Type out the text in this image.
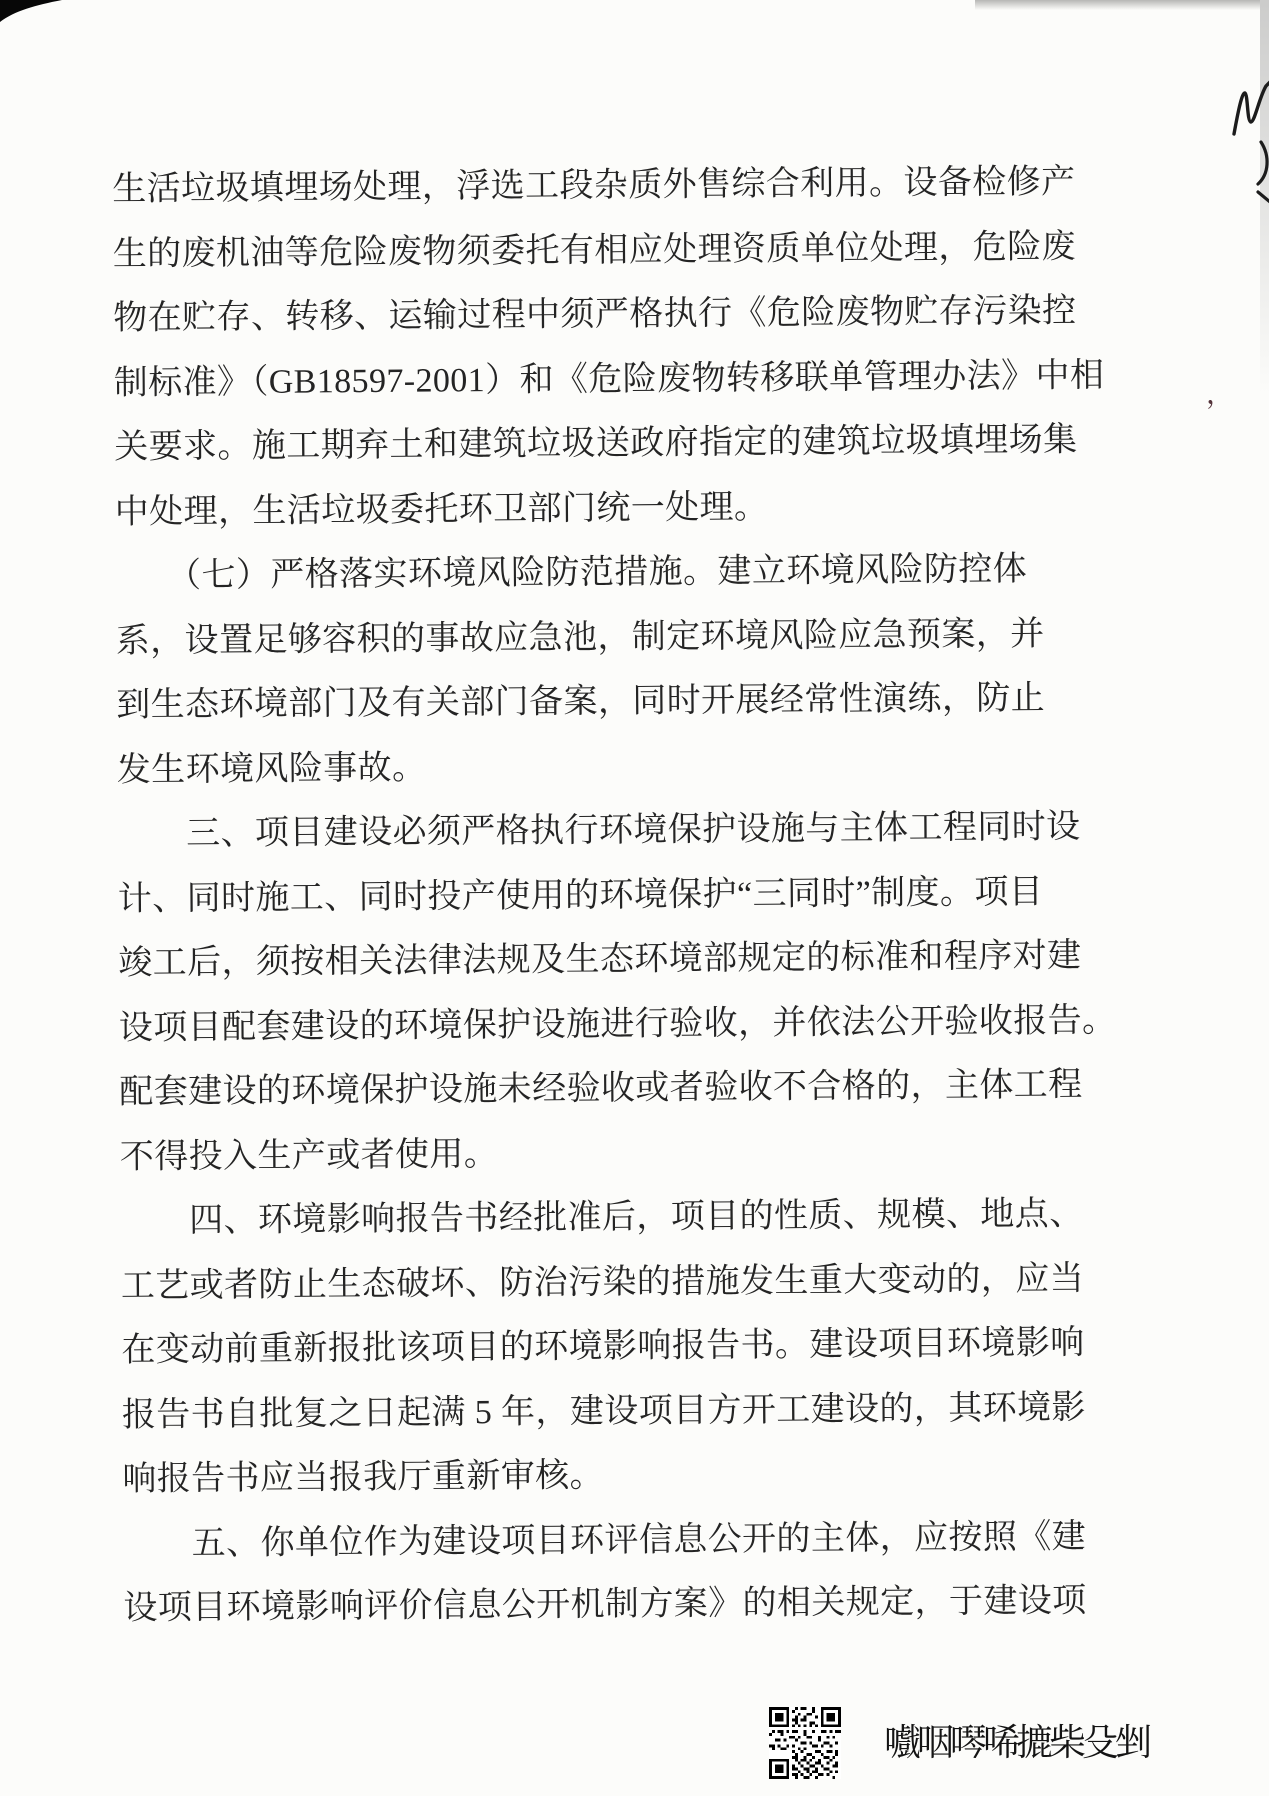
，
生活垃圾填埋场处理，浮选工段杂质外售综合利用。设备检修产
生的废机油等危险废物须委托有相应处理资质单位处理，危险废
物在贮存、转移、运输过程中须严格执行《危险废物贮存污染控
制标准》（GB18597-2001）和《危险废物转移联单管理办法》中相
关要求。施工期弃土和建筑垃圾送政府指定的建筑垃圾填埋场集
中处理，生活垃圾委托环卫部门统一处理。
　　（七）严格落实环境风险防范措施。建立环境风险防控体
系，设置足够容积的事故应急池，制定环境风险应急预案，并
到生态环境部门及有关部门备案，同时开展经常性演练，防止
发生环境风险事故。
　　三、项目建设必须严格执行环境保护设施与主体工程同时设
计、同时施工、同时投产使用的环境保护“三同时”制度。项目
竣工后，须按相关法律法规及生态环境部规定的标准和程序对建
设项目配套建设的环境保护设施进行验收，并依法公开验收报告。
配套建设的环境保护设施未经验收或者验收不合格的，主体工程
不得投入生产或者使用。
　　四、环境影响报告书经批准后，项目的性质、规模、地点、
工艺或者防止生态破坏、防治污染的措施发生重大变动的，应当
在变动前重新报批该项目的环境影响报告书。建设项目环境影响
报告书自批复之日起满 5 年，建设项目方开工建设的，其环境影
响报告书应当报我厅重新审核。
　　五、你单位作为建设项目环评信息公开的主体，应按照《建
设项目环境影响评价信息公开机制方案》的相关规定，于建设项
嚱咽噖唏摝柴殳剉
